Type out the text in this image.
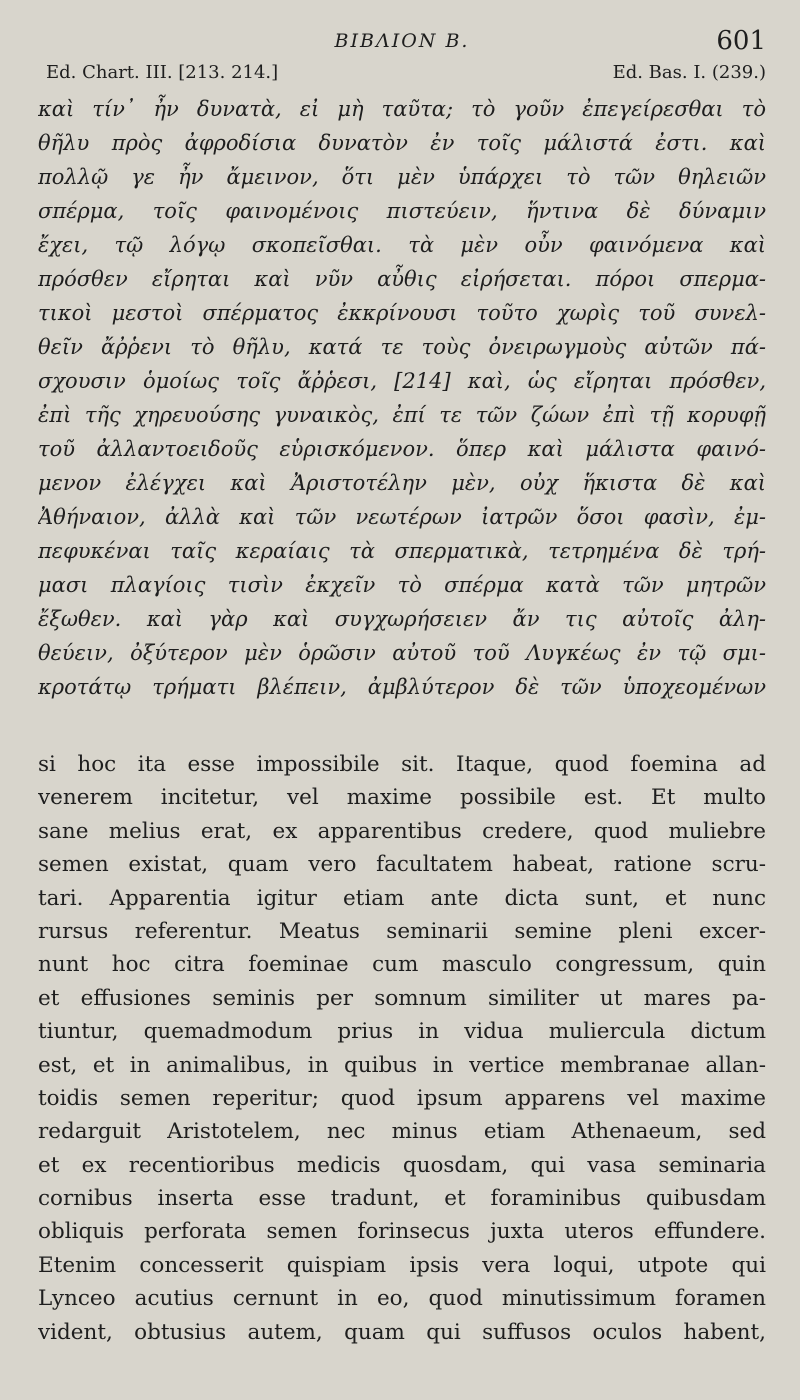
ΒΙΒΛΙΟΝ Β.	601
Ed. Chart. III. [213. 214.]	Ed. Bas. I. (239.)
καὶ τίν᾽ ἦν δυνατὰ, εἰ μὴ ταῦτα; τὸ γοῦν ἐπεγείρεσθαι τὸ
θῆλυ πρὸς ἀφροδίσια δυνατὸν ἐν τοῖς μάλιστά ἐστι. καὶ
πολλῷ γε ἦν ἄμεινον, ὅτι μὲν ὑπάρχει τὸ τῶν θηλειῶν
σπέρμα, τοῖς φαινομένοις πιστεύειν, ἥντινα δὲ δύναμιν
ἔχει, τῷ λόγῳ σκοπεῖσθαι. τὰ μὲν οὖν φαινόμενα καὶ
πρόσθεν εἴρηται καὶ νῦν αὖθις εἰρήσεται. πόροι σπερμα-
τικοὶ μεστοὶ σπέρματος ἐκκρίνουσι τοῦτο χωρὶς τοῦ συνελ-
θεῖν ἄῤῥενι τὸ θῆλυ, κατά τε τοὺς ὀνειρωγμοὺς αὐτῶν πά-
σχουσιν ὁμοίως τοῖς ἄῤῥεσι, [214] καὶ, ὡς εἴρηται πρόσθεν,
ἐπὶ τῆς χηρευούσης γυναικὸς, ἐπί τε τῶν ζώων ἐπὶ τῇ κορυφῇ
τοῦ ἀλλαντοειδοῦς εὑρισκόμενον. ὅπερ καὶ μάλιστα φαινό-
μενον ἐλέγχει καὶ Ἀριστοτέλην μὲν, οὐχ ἥκιστα δὲ καὶ
Ἀθήναιον, ἀλλὰ καὶ τῶν νεωτέρων ἰατρῶν ὅσοι φασὶν, ἐμ-
πεφυκέναι ταῖς κεραίαις τὰ σπερματικὰ, τετρημένα δὲ τρή-
μασι πλαγίοις τισὶν ἐκχεῖν τὸ σπέρμα κατὰ τῶν μητρῶν
ἔξωθεν. καὶ γὰρ καὶ συγχωρήσειεν ἄν τις αὐτοῖς ἀλη-
θεύειν, ὀξύτερον μὲν ὁρῶσιν αὐτοῦ τοῦ Λυγκέως ἐν τῷ σμι-
κροτάτῳ τρήματι βλέπειν, ἀμβλύτερον δὲ τῶν ὑποχεομένων
si hoc ita esse impossibile sit. Itaque, quod foemina ad
venerem incitetur, vel maxime possibile est. Et multo
sane melius erat, ex apparentibus credere, quod muliebre
semen existat, quam vero facultatem habeat, ratione scru-
tari. Apparentia igitur etiam ante dicta sunt, et nunc
rursus referentur. Meatus seminarii semine pleni excer-
nunt hoc citra foeminae cum masculo congressum, quin
et effusiones seminis per somnum similiter ut mares pa-
tiuntur, quemadmodum prius in vidua muliercula dictum
est, et in animalibus, in quibus in vertice membranae allan-
toidis semen reperitur; quod ipsum apparens vel maxime
redarguit Aristotelem, nec minus etiam Athenaeum, sed
et ex recentioribus medicis quosdam, qui vasa seminaria
cornibus inserta esse tradunt, et foraminibus quibusdam
obliquis perforata semen forinsecus juxta uteros effundere.
Etenim concesserit quispiam ipsis vera loqui, utpote qui
Lynceo acutius cernunt in eo, quod minutissimum foramen
vident, obtusius autem, quam qui suffusos oculos habent,
